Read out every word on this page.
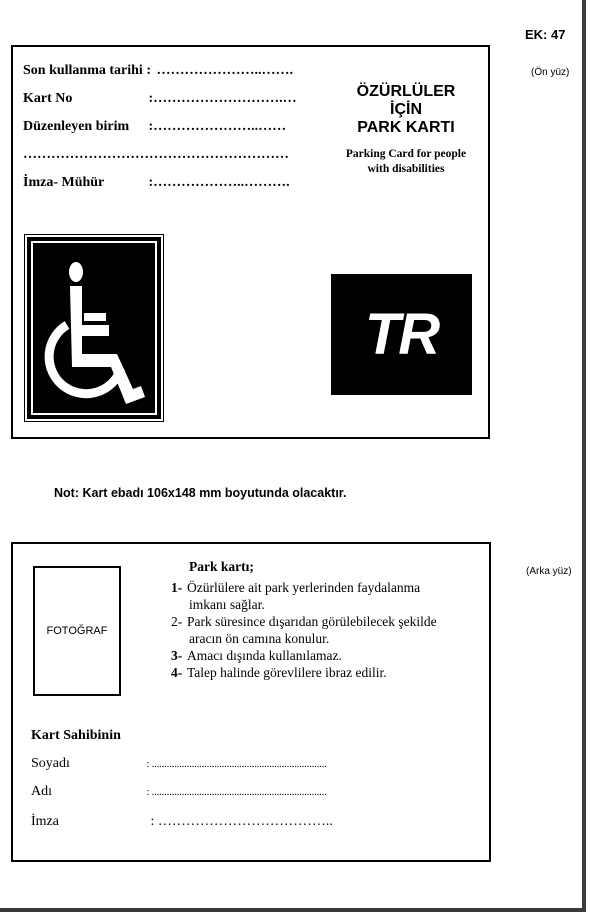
EK: 47
(Ön yüz)
Son kullanma tarihi : …………………..…….
Kart No	:……………………….…
Düzenleyen birim :…………………..……
…………………………………………………
İmza- Mühür	:………………..……….
ÖZÜRLÜLER
İÇİN
PARK KARTI
Parking Card for people
with disabilities
TR
Not: Kart ebadı 106x148 mm boyutunda olacaktır.
(Arka yüz)
FOTOĞRAF
Park kartı;
1- Özürlülere ait park yerlerinden faydalanma
imkanı sağlar.
2- Park süresince dışarıdan görülebilecek şekilde
aracın ön camına konulur.
3- Amacı dışında kullanılamaz.
4- Talep halinde görevlilere ibraz edilir.
Kart Sahibinin
Soyadı	: ......................................................................
Adı	: ......................................................................
İmza	: ………………………………..
